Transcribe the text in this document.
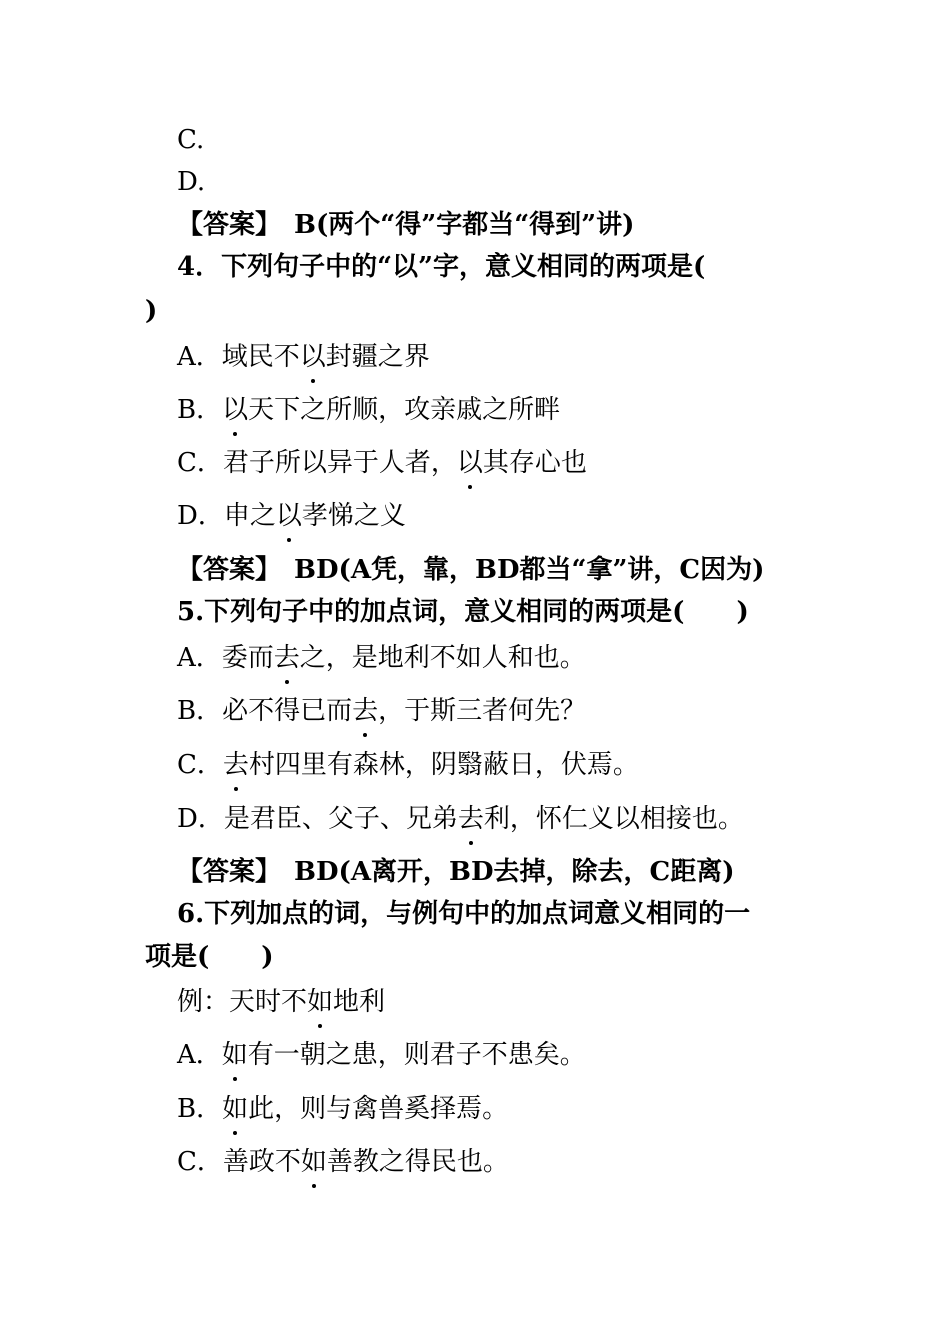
C.
D.
【答案】　B(两个“得”字都当“得到”讲)
4．下列句子中的“以”字，意义相同的两项是(
)
A．域民不以封疆之界
B．以天下之所顺，攻亲戚之所畔
C．君子所以异于人者，以其存心也
D．申之以孝悌之义
【答案】　BD(A凭，靠，BD都当“拿”讲，C因为)
5.下列句子中的加点词，意义相同的两项是(　　)
A．委而去之，是地利不如人和也。
B．必不得已而去，于斯三者何先？
C．去村四里有森林，阴翳蔽日，伏焉。
D．是君臣、父子、兄弟去利，怀仁义以相接也。
【答案】　BD(A离开，BD去掉，除去，C距离)
6.下列加点的词，与例句中的加点词意义相同的一
项是(　　)
例：天时不如地利
A．如有一朝之患，则君子不患矣。
B．如此，则与禽兽奚择焉。
C．善政不如善教之得民也。
